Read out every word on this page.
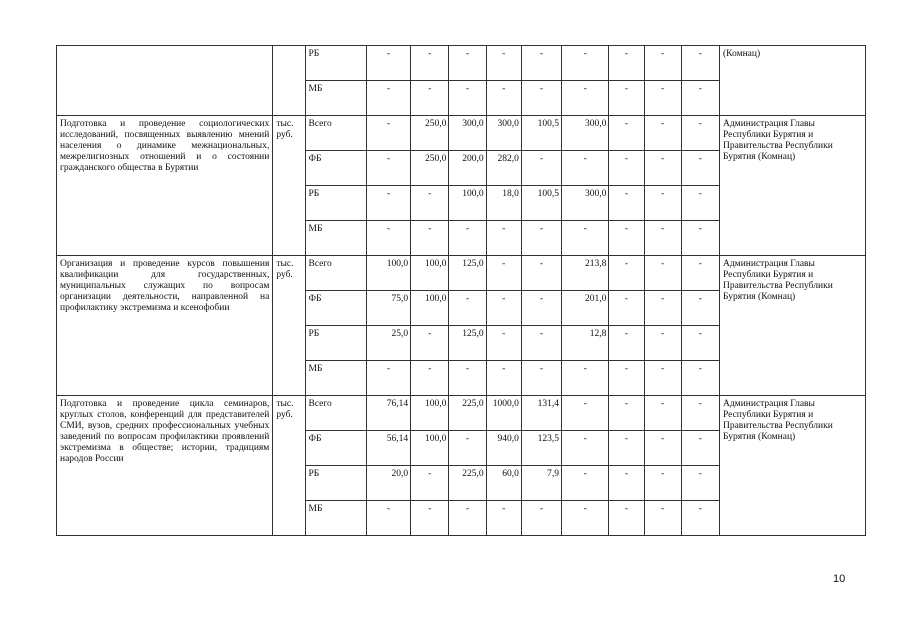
		РБ	-	-	-	-	-	-	-	-	-	(Комнац)
		МБ	-	-	-	-	-	-	-	-	-	
Подготовка и проведение социологических исследований, посвященных выявлению мнений населения о динамике межнациональных, межрелигиозных отношений и о состоянии гражданского общества в Бурятии	тыс. руб.	Всего	-	250,0	300,0	300,0	100,5	300,0	-	-	-	Администрация Главы Республики Бурятия и Правительства Республики Бурятия (Комнац)
		ФБ	-	250,0	200,0	282,0	-	-	-	-	-	
		РБ	-	-	100,0	18,0	100,5	300,0	-	-	-	
		МБ	-	-	-	-	-	-	-	-	-	
Организация и проведение курсов повышения квалификации для государственных, муниципальных служащих по вопросам организации деятельности, направленной на профилактику экстремизма и ксенофобии	тыс. руб.	Всего	100,0	100,0	125,0	-	-	213,8	-	-	-	Администрация Главы Республики Бурятия и Правительства Республики Бурятия (Комнац)
		ФБ	75,0	100,0	-	-	-	201,0	-	-	-	
		РБ	25,0	-	125,0	-	-	12,8	-	-	-	
		МБ	-	-	-	-	-	-	-	-	-	
Подготовка и проведение цикла семинаров, круглых столов, конференций для представителей СМИ, вузов, средних профессиональных учебных заведений по вопросам профилактики проявлений экстремизма в обществе; истории, традициям народов России	тыс. руб.	Всего	76,14	100,0	225,0	1000,0	131,4	-	-	-	-	Администрация Главы Республики Бурятия и Правительства Республики Бурятия (Комнац)
		ФБ	56,14	100,0	-	940,0	123,5	-	-	-	-	
		РБ	20,0	-	225,0	60,0	7,9	-	-	-	-	
		МБ	-	-	-	-	-	-	-	-	-	
10
